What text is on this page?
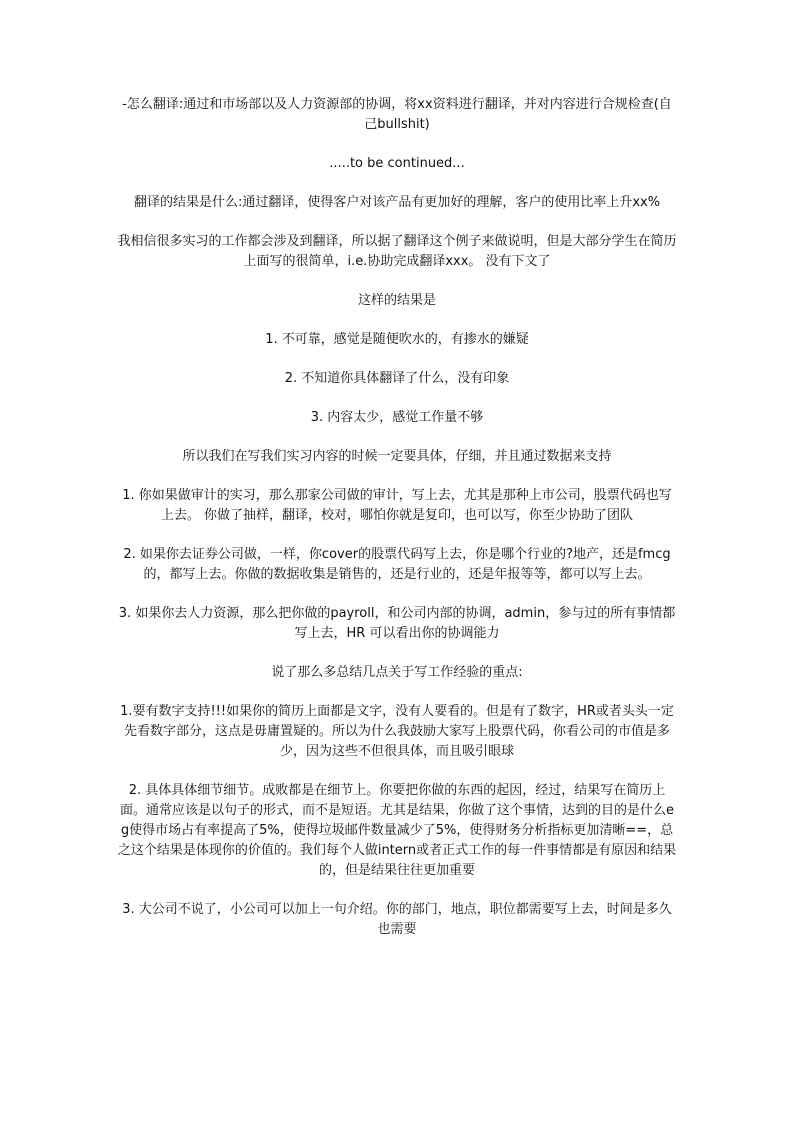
-怎么翻译:通过和市场部以及人力资源部的协调，将xx资料进行翻译，并对内容进行合规检查(自己bullshit)

.....to be continued...

翻译的结果是什么:通过翻译，使得客户对该产品有更加好的理解，客户的使用比率上升xx%

我相信很多实习的工作都会涉及到翻译，所以据了翻译这个例子来做说明，但是大部分学生在简历上面写的很简单，i.e.协助完成翻译xxx。 没有下文了

这样的结果是

1. 不可靠，感觉是随便吹水的，有掺水的嫌疑

2. 不知道你具体翻译了什么，没有印象

3. 内容太少，感觉工作量不够

所以我们在写我们实习内容的时候一定要具体，仔细，并且通过数据来支持

1. 你如果做审计的实习，那么那家公司做的审计，写上去，尤其是那种上市公司，股票代码也写上去。 你做了抽样，翻译，校对，哪怕你就是复印，也可以写，你至少协助了团队

2. 如果你去证券公司做，一样，你cover的股票代码写上去，你是哪个行业的?地产，还是fmcg的，都写上去。你做的数据收集是销售的，还是行业的，还是年报等等，都可以写上去。

3. 如果你去人力资源，那么把你做的payroll，和公司内部的协调，admin，参与过的所有事情都写上去，HR 可以看出你的协调能力

说了那么多总结几点关于写工作经验的重点:

1.要有数字支持!!!如果你的简历上面都是文字，没有人要看的。但是有了数字，HR或者头头一定先看数字部分，这点是毋庸置疑的。所以为什么我鼓励大家写上股票代码，你看公司的市值是多少，因为这些不但很具体，而且吸引眼球

2. 具体具体细节细节。成败都是在细节上。你要把你做的东西的起因，经过，结果写在简历上面。通常应该是以句子的形式，而不是短语。尤其是结果，你做了这个事情，达到的目的是什么eg使得市场占有率提高了5%，使得垃圾邮件数量减少了5%，使得财务分析指标更加清晰==，总之这个结果是体现你的价值的。我们每个人做intern或者正式工作的每一件事情都是有原因和结果的，但是结果往往更加重要

3. 大公司不说了，小公司可以加上一句介绍。你的部门，地点，职位都需要写上去，时间是多久也需要
